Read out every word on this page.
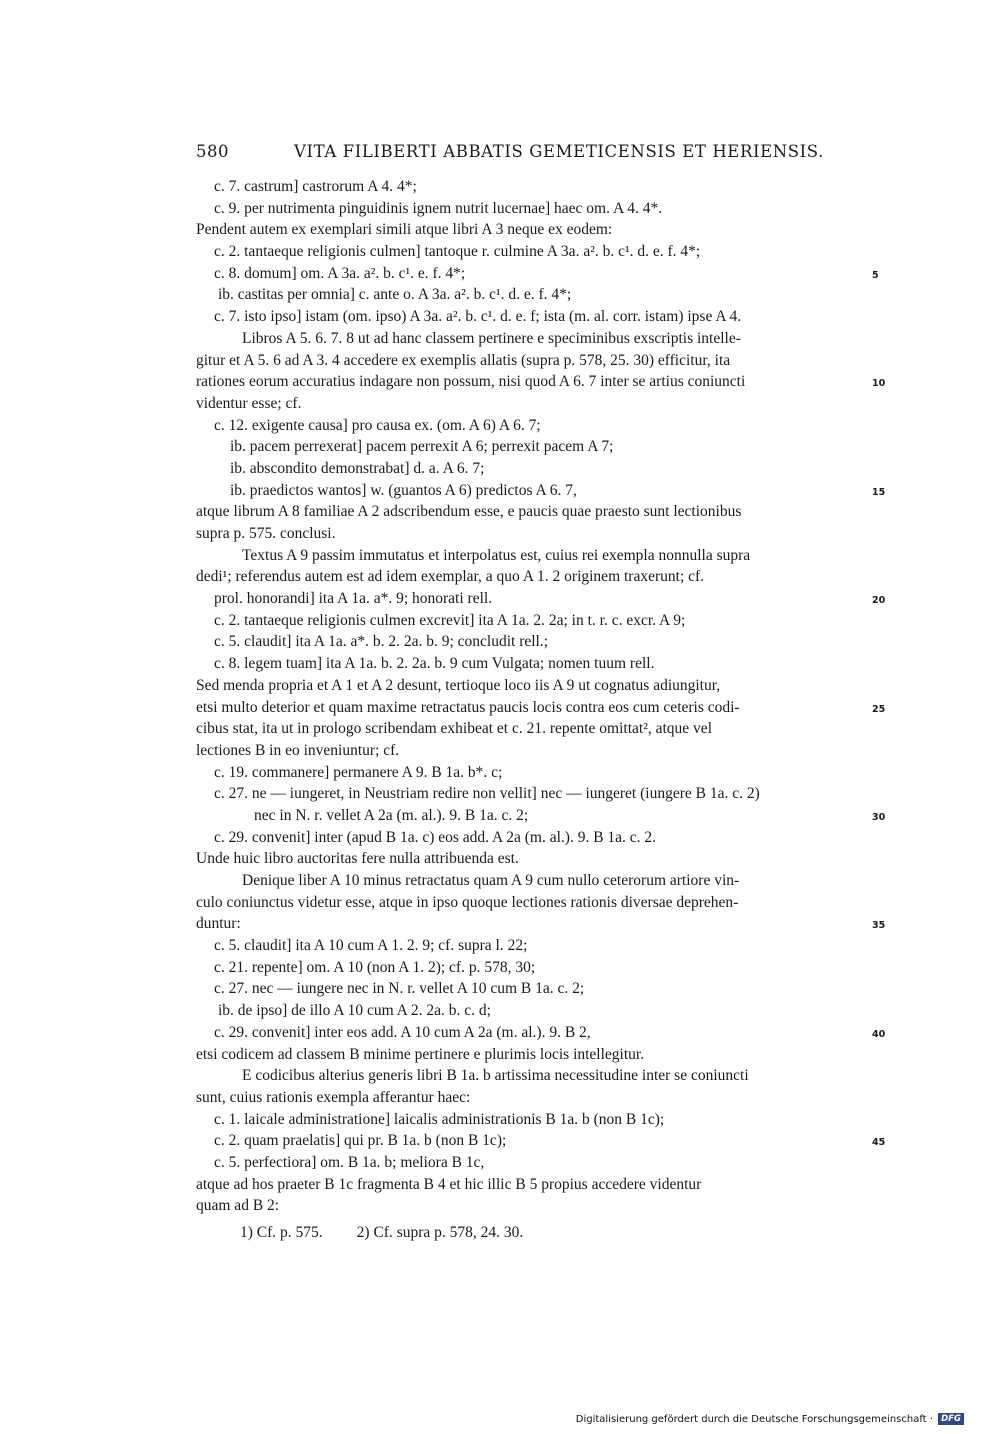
580	VITA FILIBERTI ABBATIS GEMETICENSIS ET HERIENSIS.
c. 7. castrum] castrorum A 4. 4*;
c. 9. per nutrimenta pinguidinis ignem nutrit lucernae] haec om. A 4. 4*.
Pendent autem ex exemplari simili atque libri A 3 neque ex eodem:
c. 2. tantaeque religionis culmen] tantoque r. culmine A 3a. a². b. c¹. d. e. f. 4*;
c. 8. domum] om. A 3a. a². b. c¹. e. f. 4*;	5
ib. castitas per omnia] c. ante o. A 3a. a². b. c¹. d. e. f. 4*;
c. 7. isto ipso] istam (om. ipso) A 3a. a². b. c¹. d. e. f; ista (m. al. corr. istam) ipse A 4.
Libros A 5. 6. 7. 8 ut ad hanc classem pertinere e speciminibus exscriptis intelle-
gitur et A 5. 6 ad A 3. 4 accedere ex exemplis allatis (supra p. 578, 25. 30) efficitur, ita
rationes eorum accuratius indagare non possum, nisi quod A 6. 7 inter se artius coniuncti	10
videntur esse; cf.
c. 12. exigente causa] pro causa ex. (om. A 6) A 6. 7;
ib. pacem perrexerat] pacem perrexit A 6; perrexit pacem A 7;
ib. abscondito demonstrabat] d. a. A 6. 7;
ib. praedictos wantos] w. (guantos A 6) predictos A 6. 7,	15
atque librum A 8 familiae A 2 adscribendum esse, e paucis quae praesto sunt lectionibus
supra p. 575. conclusi.
Textus A 9 passim immutatus et interpolatus est, cuius rei exempla nonnulla supra
dedi¹; referendus autem est ad idem exemplar, a quo A 1. 2 originem traxerunt; cf.
prol. honorandi] ita A 1a. a*. 9; honorati rell.	20
c. 2. tantaeque religionis culmen excrevit] ita A 1a. 2. 2a; in t. r. c. excr. A 9;
c. 5. claudit] ita A 1a. a*. b. 2. 2a. b. 9; concludit rell.;
c. 8. legem tuam] ita A 1a. b. 2. 2a. b. 9 cum Vulgata; nomen tuum rell.
Sed menda propria et A 1 et A 2 desunt, tertioque loco iis A 9 ut cognatus adiungitur,
etsi multo deterior et quam maxime retractatus paucis locis contra eos cum ceteris codi-	25
cibus stat, ita ut in prologo scribendam exhibeat et c. 21. repente omittat², atque vel
lectiones B in eo inveniuntur; cf.
c. 19. commanere] permanere A 9. B 1a. b*. c;
c. 27. ne — iungeret, in Neustriam redire non vellit] nec — iungeret (iungere B 1a. c. 2)
nec in N. r. vellet A 2a (m. al.). 9. B 1a. c. 2;	30
c. 29. convenit] inter (apud B 1a. c) eos add. A 2a (m. al.). 9. B 1a. c. 2.
Unde huic libro auctoritas fere nulla attribuenda est.
Denique liber A 10 minus retractatus quam A 9 cum nullo ceterorum artiore vin-
culo coniunctus videtur esse, atque in ipso quoque lectiones rationis diversae deprehen-
duntur:	35
c. 5. claudit] ita A 10 cum A 1. 2. 9; cf. supra l. 22;
c. 21. repente] om. A 10 (non A 1. 2); cf. p. 578, 30;
c. 27. nec — iungere nec in N. r. vellet A 10 cum B 1a. c. 2;
ib. de ipso] de illo A 10 cum A 2. 2a. b. c. d;
c. 29. convenit] inter eos add. A 10 cum A 2a (m. al.). 9. B 2,	40
etsi codicem ad classem B minime pertinere e plurimis locis intellegitur.
E codicibus alterius generis libri B 1a. b artissima necessitudine inter se coniuncti
sunt, cuius rationis exempla afferantur haec:
c. 1. laicale administratione] laicalis administrationis B 1a. b (non B 1c);
c. 2. quam praelatis] qui pr. B 1a. b (non B 1c);	45
c. 5. perfectiora] om. B 1a. b; meliora B 1c,
atque ad hos praeter B 1c fragmenta B 4 et hic illic B 5 propius accedere videntur
quam ad B 2:
1) Cf. p. 575. 2) Cf. supra p. 578, 24. 30.
Digitalisierung gefördert durch die Deutsche Forschungsgemeinschaft · DFG
